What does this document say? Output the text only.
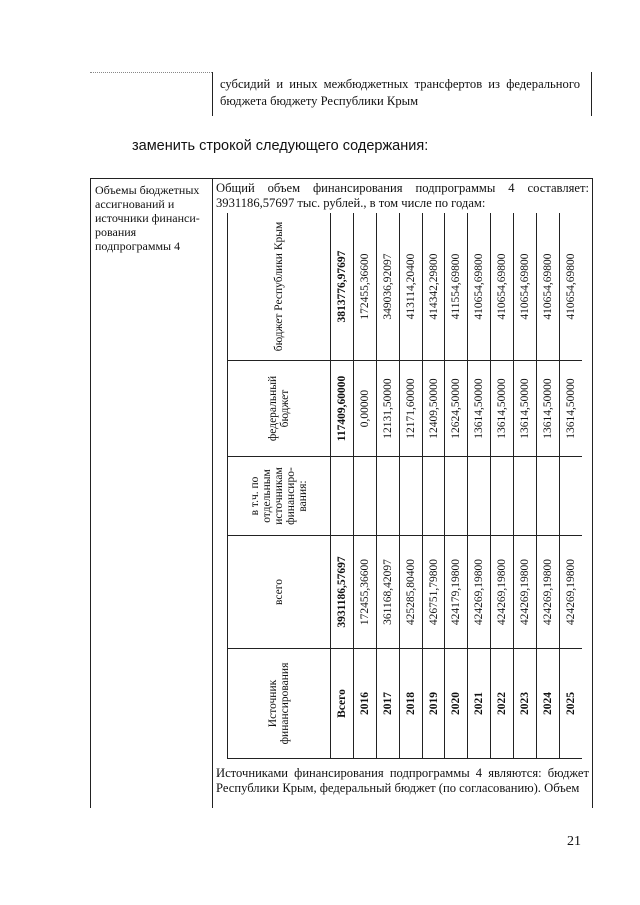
субсидий и иных межбюджетных трансфертов из федерального бюджета бюджету Республики Крым
заменить строкой следующего содержания:
Объемы бюджетных ассигнований и источники финанси-рования подпрограммы 4
Общий объем финансирования подпрограммы 4 составляет: 3931186,57697 тыс. рублей., в том числе по годам:
Источник финансирования	всего	в т.ч. по отдельным источникам финансиро-вания:	федеральный бюджет	бюджет Республики Крым
Всего	3931186,57697		117409,60000	3813776,97697
2016	172455,36600		0,00000	172455,36600
2017	361168,42097		12131,50000	349036,92097
2018	425285,80400		12171,60000	413114,20400
2019	426751,79800		12409,50000	414342,29800
2020	424179,19800		12624,50000	411554,69800
2021	424269,19800		13614,50000	410654,69800
2022	424269,19800		13614,50000	410654,69800
2023	424269,19800		13614,50000	410654,69800
2024	424269,19800		13614,50000	410654,69800
2025	424269,19800		13614,50000	410654,69800
Источниками финансирования подпрограммы 4 являются: бюджет Республики Крым, федеральный бюджет (по согласованию). Объем
21
